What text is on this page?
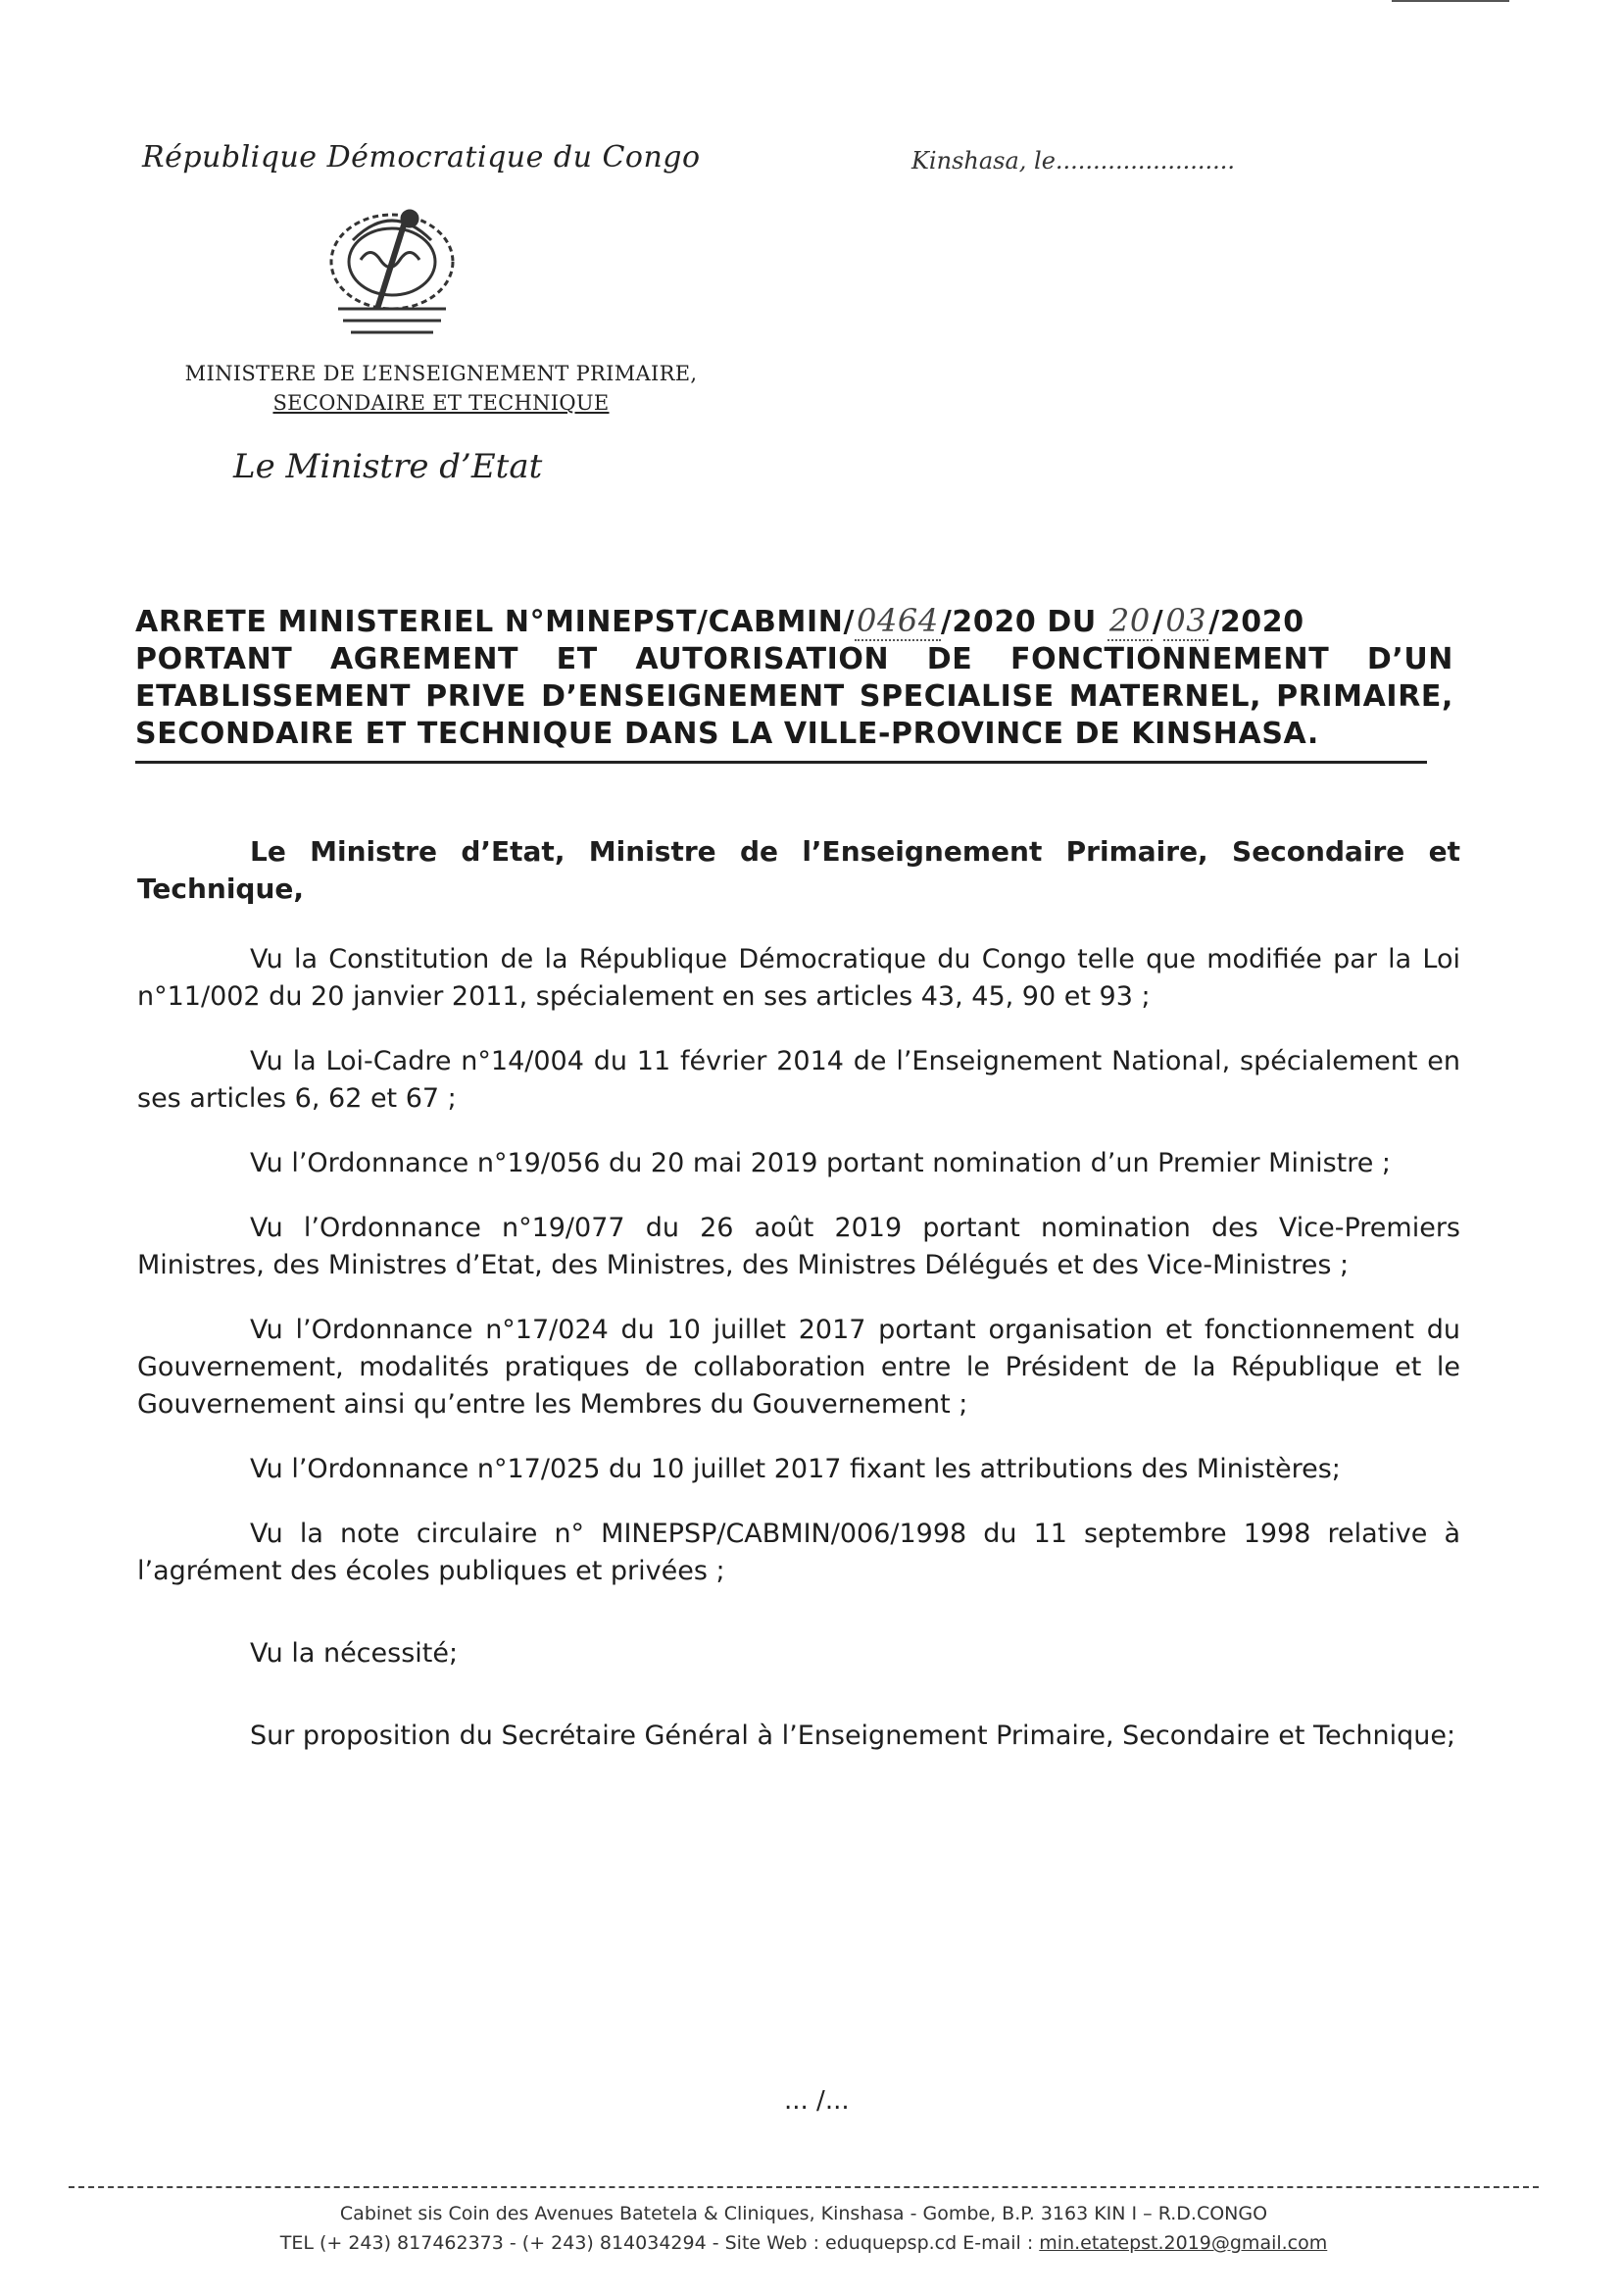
République Démocratique du Congo	Kinshasa, le........................
MINISTERE DE L’ENSEIGNEMENT PRIMAIRE,
SECONDAIRE ET TECHNIQUE
Le Ministre d’Etat
ARRETE MINISTERIEL N°MINEPST/CABMIN/0464/2020 DU 20/03/2020
PORTANT AGREMENT ET AUTORISATION DE FONCTIONNEMENT D’UN
ETABLISSEMENT PRIVE D’ENSEIGNEMENT SPECIALISE MATERNEL, PRIMAIRE,
SECONDAIRE ET TECHNIQUE DANS LA VILLE-PROVINCE DE KINSHASA.

Le Ministre d’Etat, Ministre de l’Enseignement Primaire, Secondaire et Technique,

Vu la Constitution de la République Démocratique du Congo telle que modifiée par la Loi n°11/002 du 20 janvier 2011, spécialement en ses articles 43, 45, 90 et 93 ;

Vu la Loi-Cadre n°14/004 du 11 février 2014 de l’Enseignement National, spécialement en ses articles 6, 62 et 67 ;

Vu l’Ordonnance n°19/056 du 20 mai 2019 portant nomination d’un Premier Ministre ;

Vu l’Ordonnance n°19/077 du 26 août 2019 portant nomination des Vice-Premiers Ministres, des Ministres d’Etat, des Ministres, des Ministres Délégués et des Vice-Ministres ;

Vu l’Ordonnance n°17/024 du 10 juillet 2017 portant organisation et fonctionnement du Gouvernement, modalités pratiques de collaboration entre le Président de la République et le Gouvernement ainsi qu’entre les Membres du Gouvernement ;

Vu l’Ordonnance n°17/025 du 10 juillet 2017 fixant les attributions des Ministères;

Vu la note circulaire n° MINEPSP/CABMIN/006/1998 du 11 septembre 1998 relative à l’agrément des écoles publiques et privées ;

Vu la nécessité;

Sur proposition du Secrétaire Général à l’Enseignement Primaire, Secondaire et Technique;

... /...
Cabinet sis Coin des Avenues Batetela & Cliniques, Kinshasa - Gombe, B.P. 3163 KIN I – R.D.CONGO
TEL (+ 243) 817462373 - (+ 243) 814034294 - Site Web : eduquepsp.cd E-mail : min.etatepst.2019@gmail.com
